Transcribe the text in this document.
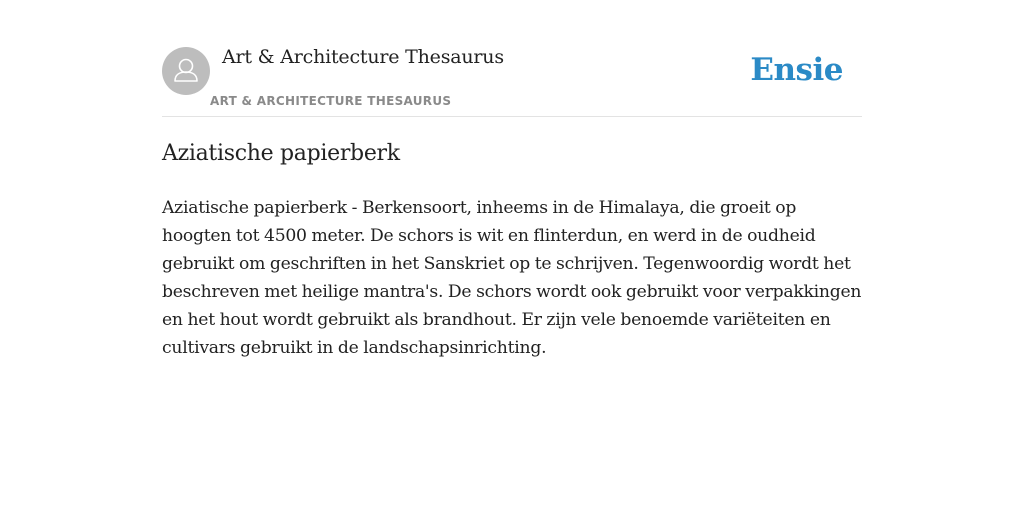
Art & Architecture Thesaurus
ART & ARCHITECTURE THESAURUS
Ensie
Aziatische papierberk

Aziatische papierberk - Berkensoort, inheems in de Himalaya, die groeit op hoogten tot 4500 meter. De schors is wit en flinterdun, en werd in de oudheid gebruikt om geschriften in het Sanskriet op te schrijven. Tegenwoordig wordt het beschreven met heilige mantra's. De schors wordt ook gebruikt voor verpakkingen en het hout wordt gebruikt als brandhout. Er zijn vele benoemde variëteiten en cultivars gebruikt in de landschapsinrichting.
